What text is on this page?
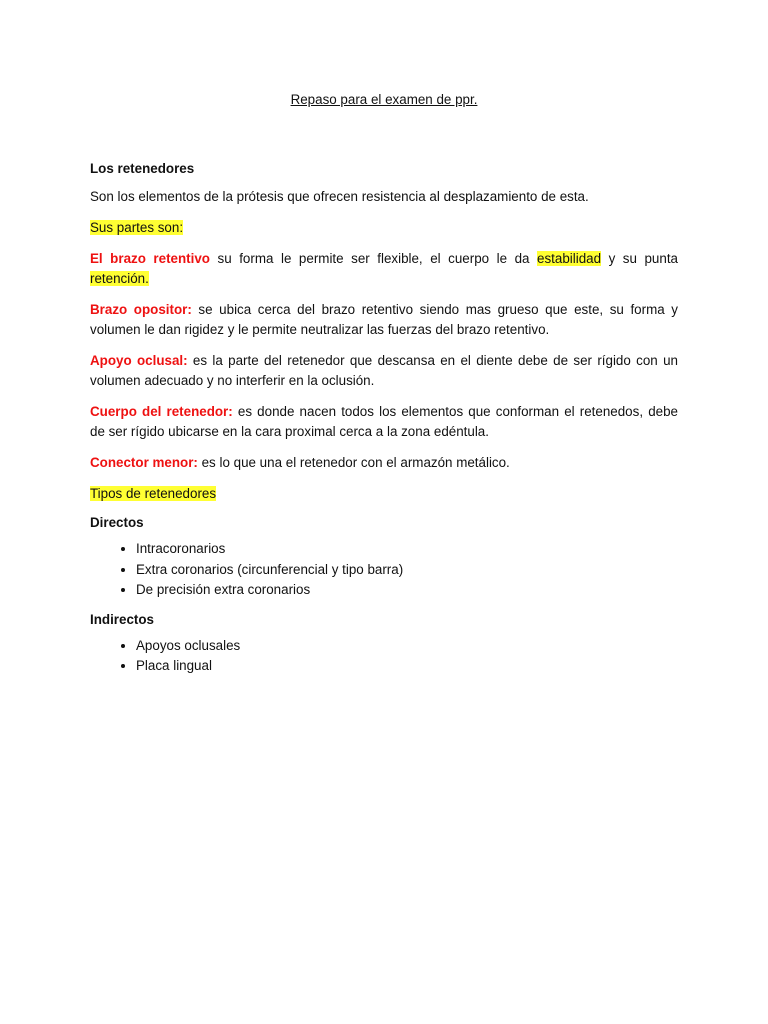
Repaso para el examen de ppr.
Los retenedores

Son los elementos de la prótesis que ofrecen resistencia al desplazamiento de esta.

Sus partes son:

El brazo retentivo su forma le permite ser flexible, el cuerpo le da estabilidad y su punta retención.

Brazo opositor: se ubica cerca del brazo retentivo siendo mas grueso que este, su forma y volumen le dan rigidez y le permite neutralizar las fuerzas del brazo retentivo.

Apoyo oclusal: es la parte del retenedor que descansa en el diente debe de ser rígido con un volumen adecuado y no interferir en la oclusión.

Cuerpo del retenedor: es donde nacen todos los elementos que conforman el retenedos, debe de ser rígido ubicarse en la cara proximal cerca a la zona edéntula.

Conector menor: es lo que una el retenedor con el armazón metálico.

Tipos de retenedores

Directos
• Intracoronarios
• Extra coronarios (circunferencial y tipo barra)
• De precisión extra coronarios
Indirectos
• Apoyos oclusales
• Placa lingual
